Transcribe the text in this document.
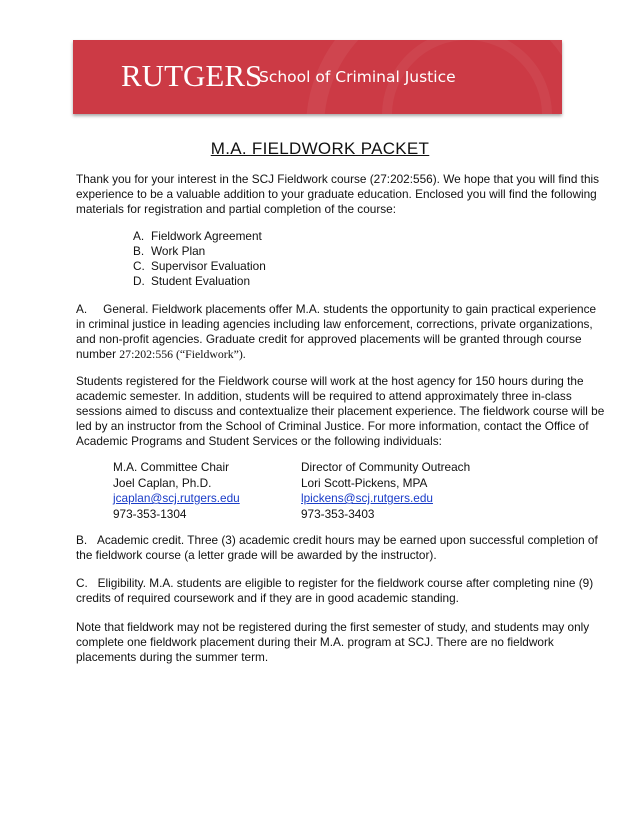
RUTGERS
School of Criminal Justice
M.A. FIELDWORK PACKET
Thank you for your interest in the SCJ Fieldwork course (27:202:556). We hope that you will find this experience to be a valuable addition to your graduate education. Enclosed you will find the following materials for registration and partial completion of the course:
A. Fieldwork Agreement
B. Work Plan
C. Supervisor Evaluation
D. Student Evaluation
A. General. Fieldwork placements offer M.A. students the opportunity to gain practical experience in criminal justice in leading agencies including law enforcement, corrections, private organizations, and non-profit agencies. Graduate credit for approved placements will be granted through course number 27:202:556 (“Fieldwork”).
Students registered for the Fieldwork course will work at the host agency for 150 hours during the academic semester. In addition, students will be required to attend approximately three in-class sessions aimed to discuss and contextualize their placement experience. The fieldwork course will be led by an instructor from the School of Criminal Justice. For more information, contact the Office of Academic Programs and Student Services or the following individuals:
M.A. Committee Chair
Joel Caplan, Ph.D.
jcaplan@scj.rutgers.edu
973-353-1304
Director of Community Outreach
Lori Scott-Pickens, MPA
lpickens@scj.rutgers.edu
973-353-3403
B. Academic credit. Three (3) academic credit hours may be earned upon successful completion of the fieldwork course (a letter grade will be awarded by the instructor).
C. Eligibility. M.A. students are eligible to register for the fieldwork course after completing nine (9) credits of required coursework and if they are in good academic standing.
Note that fieldwork may not be registered during the first semester of study, and students may only complete one fieldwork placement during their M.A. program at SCJ. There are no fieldwork placements during the summer term.
